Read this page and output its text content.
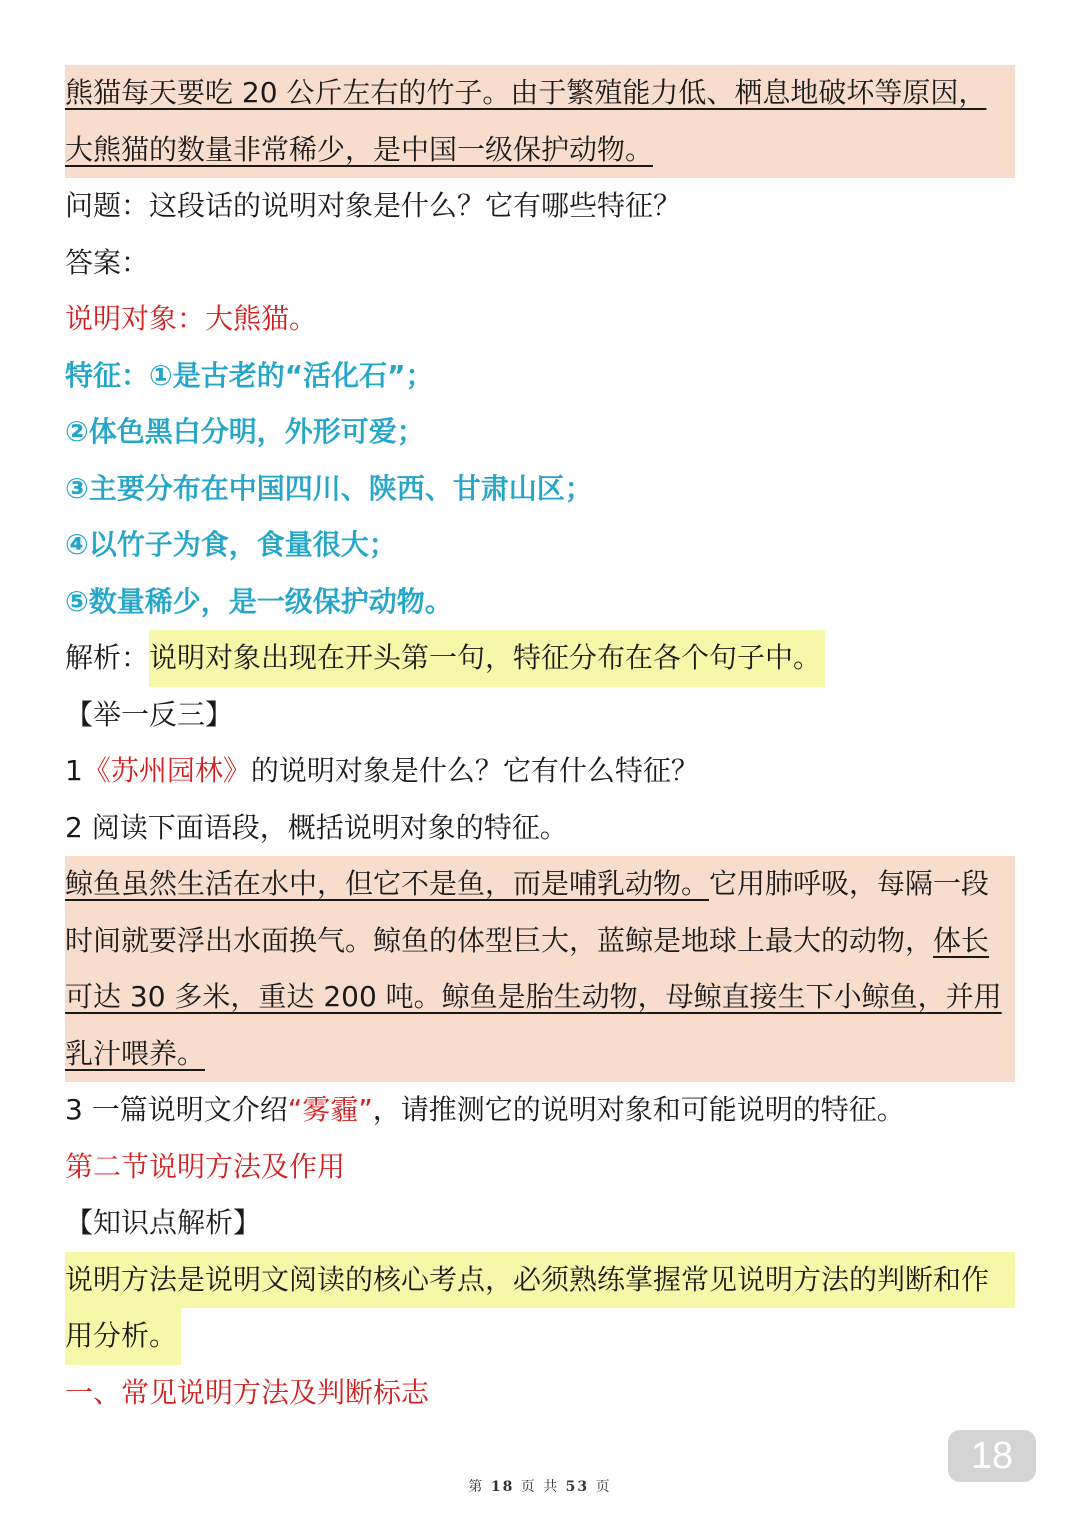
熊猫每天要吃 20 公斤左右的竹子。由于繁殖能力低、栖息地破坏等原因，
大熊猫的数量非常稀少，是中国一级保护动物。
问题：这段话的说明对象是什么？它有哪些特征？
答案：
说明对象：大熊猫。
特征：①是古老的“活化石”；
②体色黑白分明，外形可爱；
③主要分布在中国四川、陕西、甘肃山区；
④以竹子为食，食量很大；
⑤数量稀少，是一级保护动物。
解析：说明对象出现在开头第一句，特征分布在各个句子中。
【举一反三】
1《苏州园林》的说明对象是什么？它有什么特征？
2 阅读下面语段，概括说明对象的特征。
鲸鱼虽然生活在水中，但它不是鱼，而是哺乳动物。它用肺呼吸，每隔一段
时间就要浮出水面换气。鲸鱼的体型巨大，蓝鲸是地球上最大的动物，体长
可达 30 多米，重达 200 吨。鲸鱼是胎生动物，母鲸直接生下小鲸鱼，并用
乳汁喂养。
3 一篇说明文介绍“雾霾”，请推测它的说明对象和可能说明的特征。
第二节说明方法及作用
【知识点解析】
说明方法是说明文阅读的核心考点，必须熟练掌握常见说明方法的判断和作
用分析。
一、常见说明方法及判断标志
18
第 18 页 共 53 页
